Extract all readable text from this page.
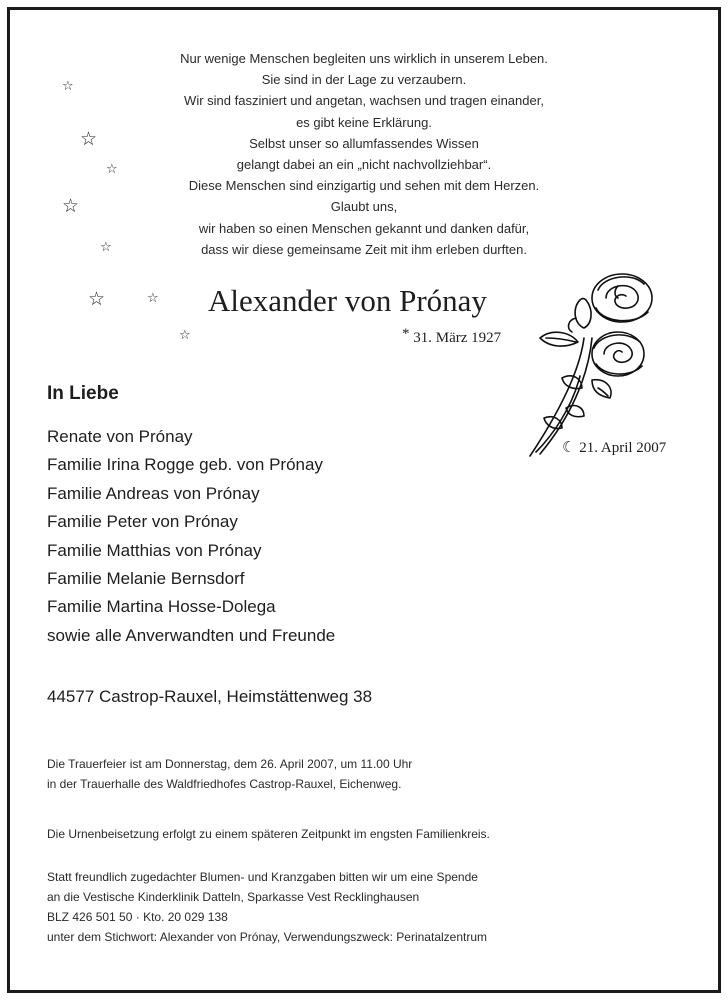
Nur wenige Menschen begleiten uns wirklich in unserem Leben.
Sie sind in der Lage zu verzaubern.
Wir sind fasziniert und angetan, wachsen und tragen einander,
es gibt keine Erklärung.
Selbst unser so allumfassendes Wissen
gelangt dabei an ein „nicht nachvollziehbar“.
Diese Menschen sind einzigartig und sehen mit dem Herzen.
Glaubt uns,
wir haben so einen Menschen gekannt und danken dafür,
dass wir diese gemeinsame Zeit mit ihm erleben durften.
☆
☆
☆
☆
☆
☆	☆
☆
Alexander von Prónay
* 31. März 1927
☾ 21. April 2007
In Liebe
Renate von Prónay
Familie Irina Rogge geb. von Prónay
Familie Andreas von Prónay
Familie Peter von Prónay
Familie Matthias von Prónay
Familie Melanie Bernsdorf
Familie Martina Hosse-Dolega
sowie alle Anverwandten und Freunde
44577 Castrop-Rauxel, Heimstättenweg 38
Die Trauerfeier ist am Donnerstag, dem 26. April 2007, um 11.00 Uhr
in der Trauerhalle des Waldfriedhofes Castrop-Rauxel, Eichenweg.
Die Urnenbeisetzung erfolgt zu einem späteren Zeitpunkt im engsten Familienkreis.
Statt freundlich zugedachter Blumen- und Kranzgaben bitten wir um eine Spende
an die Vestische Kinderklinik Datteln, Sparkasse Vest Recklinghausen
BLZ 426 501 50 · Kto. 20 029 138
unter dem Stichwort: Alexander von Prónay, Verwendungszweck: Perinatalzentrum
